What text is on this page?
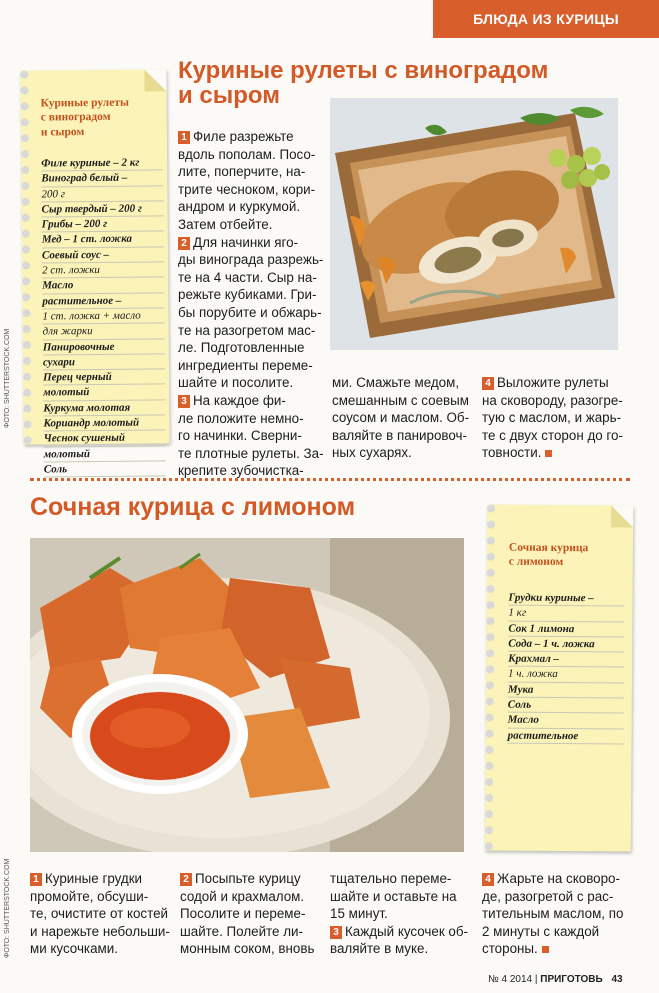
БЛЮДА ИЗ КУРИЦЫ
Куриные рулеты с виноградом
и сыром
Куриные рулеты
с виноградом
и сыром
Филе куриные – 2 кг
Виноград белый –
200 г
Сыр твердый – 200 г
Грибы – 200 г
Мед – 1 ст. ложка
Соевый соус –
2 ст. ложки
Масло
растительное –
1 ст. ложка + масло
для жарки
Панировочные
сухари
Перец черный
молотый
Куркума молотая
Кориандр молотый
Чеснок сушеный
молотый
Соль
1 Филе разрежьте
вдоль пополам. Посо-
лите, поперчите, на-
трите чесноком, кори-
андром и куркумой.
Затем отбейте.
2 Для начинки яго-
ды винограда разрежь-
те на 4 части. Сыр на-
режьте кубиками. Гри-
бы порубите и обжарь-
те на разогретом мас-
ле. Подготовленные
ингредиенты переме-
шайте и посолите.
3 На каждое фи-
ле положите немно-
го начинки. Сверни-
те плотные рулеты. За-
крепите зубочистка-
ми. Смажьте медом,
смешанным с соевым
соусом и маслом. Об-
валяйте в панировоч-
ных сухарях.
4 Выложите рулеты
на сковороду, разогре-
тую с маслом, и жарь-
те с двух сторон до го-
товности.
Сочная курица с лимоном
Сочная курица
с лимоном
Грудки куриные –
1 кг
Сок 1 лимона
Сода – 1 ч. ложка
Крахмал –
1 ч. ложка
Мука
Соль
Масло
растительное
1 Куриные грудки
промойте, обсуши-
те, очистите от костей
и нарежьте небольши-
ми кусочками.
2 Посыпьте курицу
содой и крахмалом.
Посолите и переме-
шайте. Полейте ли-
монным соком, вновь
тщательно переме-
шайте и оставьте на
15 минут.
3 Каждый кусочек об-
валяйте в муке.
4 Жарьте на сковоро-
де, разогретой с рас-
тительным маслом, по
2 минуты с каждой
стороны.
ФОТО: SHUTTERSTOCK.COM
ФОТО: SHUTTERSTOCK.COM
№ 4 2014 | ПРИГОТОВЬ 43
